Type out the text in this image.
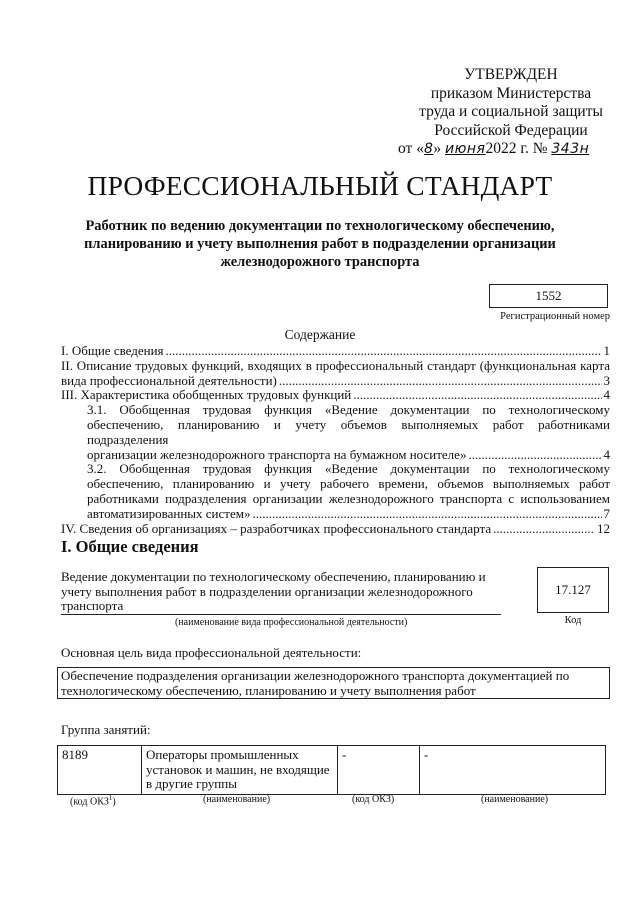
УТВЕРЖДЕН
приказом Министерства
труда и социальной защиты
Российской Федерации
от «8» июня2022 г. № 343н
ПРОФЕССИОНАЛЬНЫЙ СТАНДАРТ
Работник по ведению документации по технологическому обеспечению, планированию и учету выполнения работ в подразделении организации железнодорожного транспорта
1552
Регистрационный номер
Содержание
I. Общие сведения .....	1
II. Описание трудовых функций, входящих в профессиональный стандарт (функциональная карта
вида профессиональной деятельности) .....	3
III. Характеристика обобщенных трудовых функций .....	4
3.1. Обобщенная трудовая функция «Ведение документации по технологическому
обеспечению, планированию и учету объемов выполняемых работ работниками подразделения
организации железнодорожного транспорта на бумажном носителе» .....	4
3.2. Обобщенная трудовая функция «Ведение документации по технологическому
обеспечению, планированию и учету рабочего времени, объемов выполняемых работ
работниками подразделения организации железнодорожного транспорта с использованием
автоматизированных систем» .....	7
IV. Сведения об организациях – разработчиках профессионального стандарта .....	12
I. Общие сведения
Ведение документации по технологическому обеспечению, планированию и учету выполнения работ в подразделении организации железнодорожного транспорта
(наименование вида профессиональной деятельности)
17.127
Код
Основная цель вида профессиональной деятельности:
Обеспечение подразделения организации железнодорожного транспорта документацией по технологическому обеспечению, планированию и учету выполнения работ
Группа занятий:
8189	Операторы промышленных установок и машин, не входящие в другие группы	-	-
(код ОКЗ$^1$)	(наименование)	(код ОКЗ)	(наименование)
